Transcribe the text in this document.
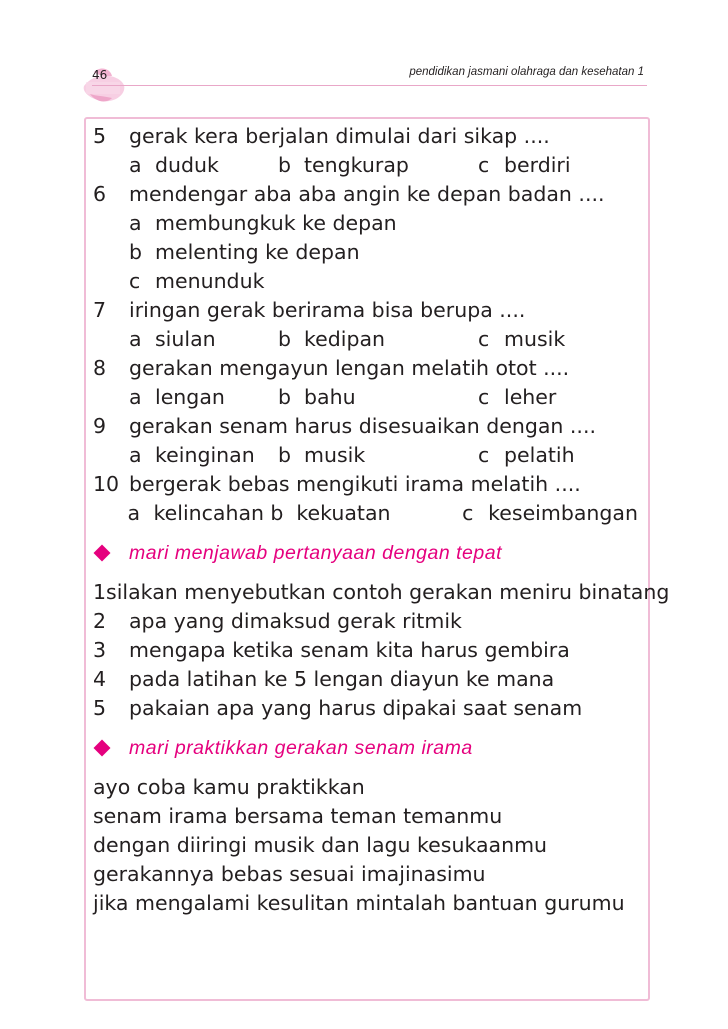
46	pendidikan jasmani olahraga dan kesehatan 1
5	gerak kera berjalan dimulai dari sikap ....
a duduk	b tengkurap	c berdiri
6	mendengar aba aba angin ke depan badan ....
a membungkuk ke depan
b melenting ke depan
c menunduk
7	iringan gerak berirama bisa berupa ....
a siulan	b kedipan	c musik
8	gerakan mengayun lengan melatih otot ....
a lengan	b bahu	c leher
9	gerakan senam harus disesuaikan dengan ....
a keinginan b musik	c pelatih
10 bergerak bebas mengikuti irama melatih ....
a kelincahan b kekuatan	c keseimbangan
mari menjawab pertanyaan dengan tepat
1 silakan menyebutkan contoh gerakan meniru binatang
2	apa yang dimaksud gerak ritmik
3	mengapa ketika senam kita harus gembira
4	pada latihan ke 5 lengan diayun ke mana
5	pakaian apa yang harus dipakai saat senam
mari praktikkan gerakan senam irama
ayo coba kamu praktikkan
senam irama bersama teman temanmu
dengan diiringi musik dan lagu kesukaanmu
gerakannya bebas sesuai imajinasimu
jika mengalami kesulitan mintalah bantuan gurumu
